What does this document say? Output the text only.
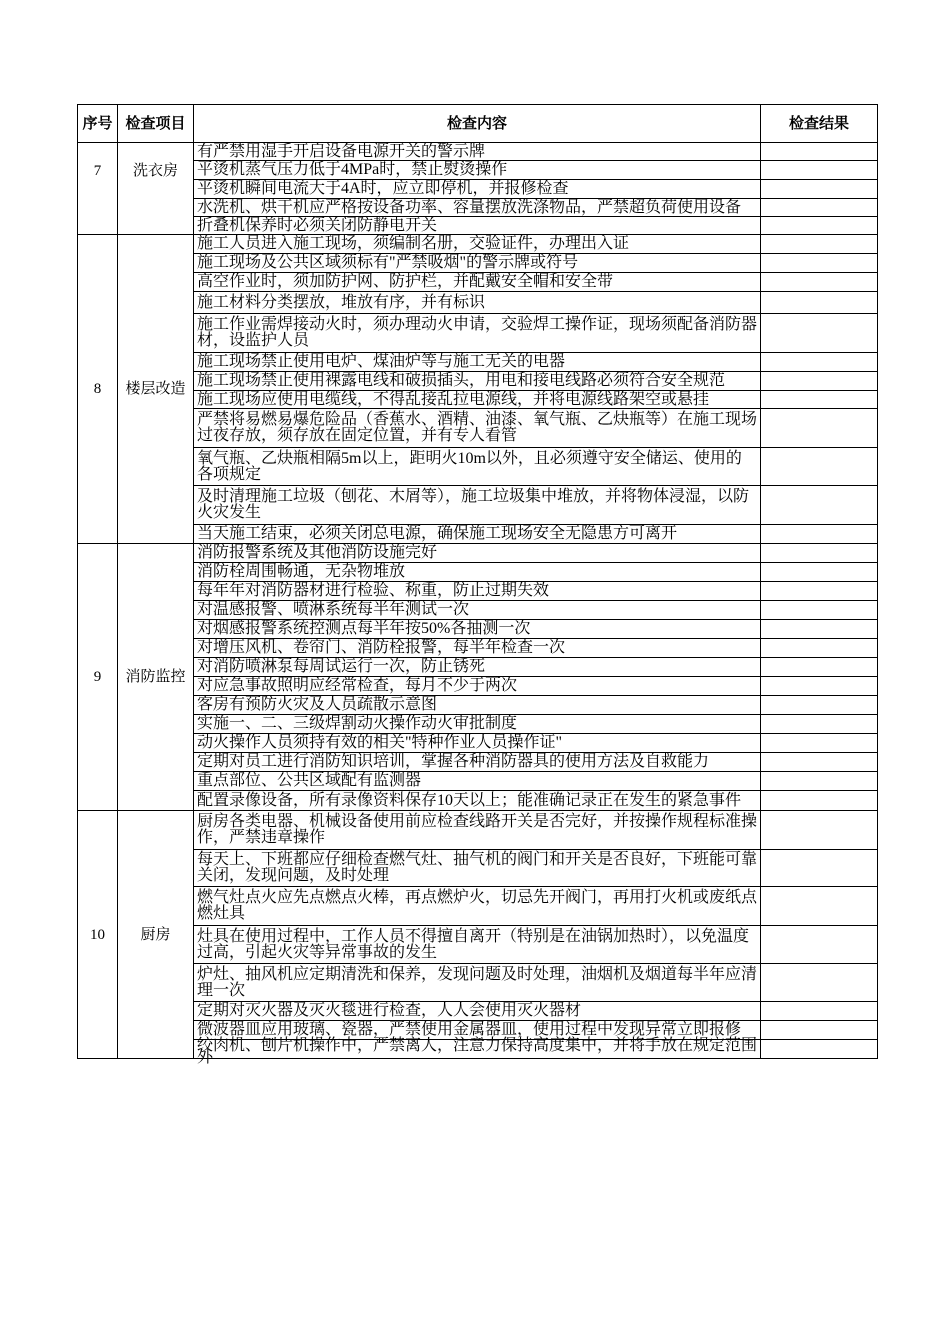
序号	检查项目	检查内容	检查结果
7	洗衣房	有严禁用湿手开启设备电源开关的警示牌	
		平烫机蒸气压力低于4MPa时，禁止熨烫操作	
		平烫机瞬间电流大于4A时，应立即停机，并报修检查	
		水洗机、烘干机应严格按设备功率、容量摆放洗涤物品，严禁超负荷使用设备	
		折叠机保养时必须关闭防静电开关	
8	楼层改造	施工人员进入施工现场，须编制名册，交验证件，办理出入证	
		施工现场及公共区域须标有"严禁吸烟"的警示牌或符号	
		高空作业时，须加防护网、防护栏，并配戴安全帽和安全带	
		施工材料分类摆放，堆放有序，并有标识	
		施工作业需焊接动火时，须办理动火申请，交验焊工操作证，现场须配备消防器材，设监护人员	
		施工现场禁止使用电炉、煤油炉等与施工无关的电器	
		施工现场禁止使用裸露电线和破损插头，用电和接电线路必须符合安全规范	
		施工现场应使用电缆线，不得乱接乱拉电源线，并将电源线路架空或悬挂	
		严禁将易燃易爆危险品（香蕉水、酒精、油漆、氧气瓶、乙炔瓶等）在施工现场过夜存放，须存放在固定位置，并有专人看管	
		氧气瓶、乙炔瓶相隔5m以上，距明火10m以外，且必须遵守安全储运、使用的各项规定	
		及时清理施工垃圾（刨花、木屑等），施工垃圾集中堆放，并将物体浸湿，以防火灾发生	
		当天施工结束，必须关闭总电源，确保施工现场安全无隐患方可离开	
9	消防监控	消防报警系统及其他消防设施完好	
		消防栓周围畅通，无杂物堆放	
		每年年对消防器材进行检验、称重，防止过期失效	
		对温感报警、喷淋系统每半年测试一次	
		对烟感报警系统控测点每半年按50%各抽测一次	
		对增压风机、卷帘门、消防栓报警，每半年检查一次	
		对消防喷淋泵每周试运行一次，防止锈死	
		对应急事故照明应经常检查，每月不少于两次	
		客房有预防火灾及人员疏散示意图	
		实施一、二、三级焊割动火操作动火审批制度	
		动火操作人员须持有效的相关"特种作业人员操作证"	
		定期对员工进行消防知识培训，掌握各种消防器具的使用方法及自救能力	
		重点部位、公共区域配有监测器	
		配置录像设备，所有录像资料保存10天以上；能准确记录正在发生的紧急事件	
10	厨房	厨房各类电器、机械设备使用前应检查线路开关是否完好，并按操作规程标准操作，严禁违章操作	
		每天上、下班都应仔细检查燃气灶、抽气机的阀门和开关是否良好，下班能可靠关闭，发现问题，及时处理	
		燃气灶点火应先点燃点火棒，再点燃炉火，切忌先开阀门，再用打火机或废纸点燃灶具	
		灶具在使用过程中，工作人员不得擅自离开（特别是在油锅加热时），以免温度过高，引起火灾等异常事故的发生	
		炉灶、抽风机应定期清洗和保养，发现问题及时处理，油烟机及烟道每半年应清理一次	
		定期对灭火器及灭火毯进行检查，人人会使用灭火器材	
		微波器皿应用玻璃、瓷器，严禁使用金属器皿，使用过程中发现异常立即报修	

		绞肉机、刨片机操作中，严禁离人，注意力保持高度集中，并将手放在规定范围外	
